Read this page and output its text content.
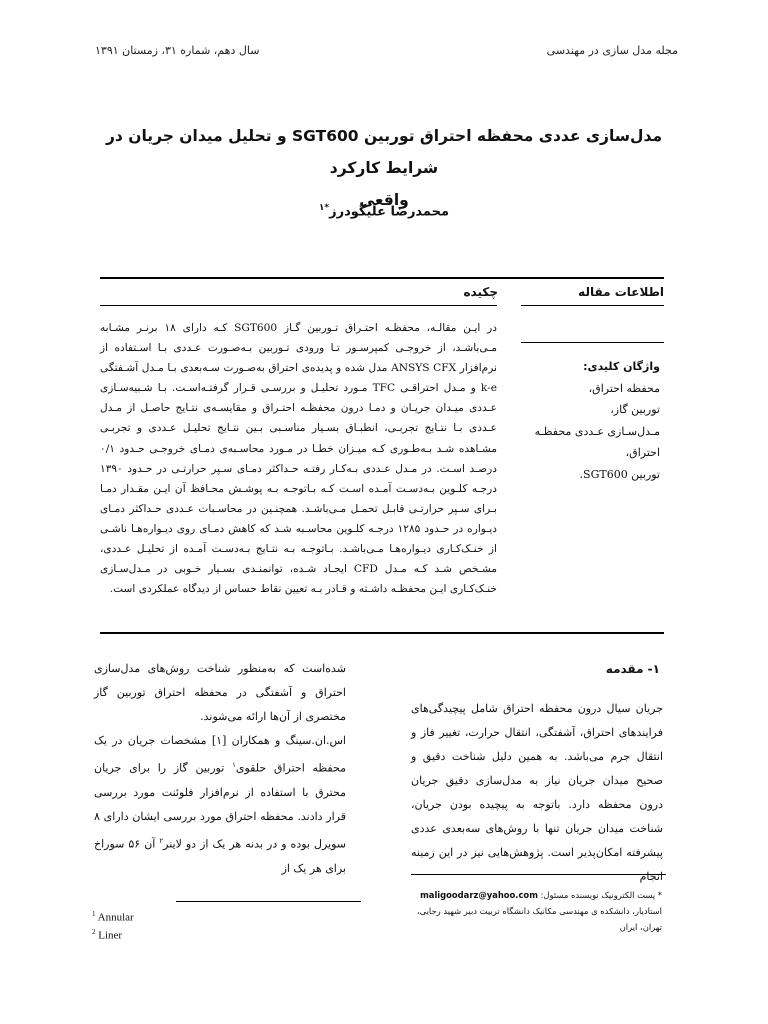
مجله مدل سازی در مهندسی
سال دهم، شماره ۳۱، زمستان ۱۳۹۱
مدل‌سازی عددی محفظه احتراق توربین SGT600 و تحلیل میدان جریان در شرایط کارکرد
واقعی
محمدرضا علیگودرز$^{*۱}$
اطلاعات مقاله
چکیده
در ایـن مقالـه، محفظـه احتـراق تـوربین گـاز SGT600 کـه دارای ۱۸ برنـر مشـابه مـی‌باشـد، از خروجـی کمپرسـور تـا ورودی تـوربین بـه‌صـورت عـددی بـا اسـتفاده از نرم‌افزار ANSYS CFX مدل شده و پدیده‌ی احتراق به‌صـورت سـه‌بعدی بـا مـدل آشـفتگی k-e و مـدل احتراقـی TFC مـورد تحلیـل و بررسـی قـرار گرفتـه‌اسـت. بـا شـبیه‌سـازی عـددی میـدان جریـان و دمـا درون محفظـه احتـراق و مقایسـه‌ی نتـایج حاصـل از مـدل عـددی بـا نتـایج تجربـی، انطبـاق بسـیار مناسـبی بـین نتـایج تحلیـل عـددی و تجربـی مشـاهده شـد بـه‌طـوری کـه میـزان خطـا در مـورد محاسـبه‌ی دمـای خروجـی حـدود ۰/۱ درصـد اسـت. در مـدل عـددی بـه‌کـار رفتـه حـداکثر دمـای سـپر حرارتـی در حـدود ۱۳۹۰ درجـه کلـوین بـه‌دسـت آمـده اسـت کـه بـاتوجـه بـه پوشـش محـافظ آن ایـن مقـدار دمـا بـرای سـپر حرارتـی قابـل تحمـل مـی‌باشـد. همچنـین در محاسـبات عـددی حـداکثر دمـای دیـواره در حـدود ۱۲۸۵ درجـه کلـوین محاسـبه شـد که کاهش دمـای روی دیـواره‌هـا ناشـی از خنـک‌کـاری دیـواره‌هـا مـی‌باشـد. بـاتوجـه بـه نتـایج بـه‌دسـت آمـده از تحلیـل عـددی، مشـخص شـد کـه مـدل CFD ایجـاد شـده، توانمنـدی بسـیار خـوبی در مـدل‌سـازی خنـک‌کـاری ایـن محفظـه داشـته و قـادر بـه تعیین نقاط حساس از دیدگاه عملکردی است.
واژگان کلیدی:
محفظه احتراق،
توربین گاز،
مـدل‌سـازی عـددی محفظـه احتراق،
توربین SGT600.
۱- مقدمه
جریان سیال درون محفظه احتراق شامل پیچیدگی‌های فرایندهای احتراق، آشفتگی، انتقال حرارت، تغییر فاز و انتقال جرم می‌باشد. به همین دلیل شناخت دقیق و صحیح میدان جریان نیاز به مدل‌سازی دقیق جریان درون محفظه دارد. باتوجه به پیچیده بودن جریان، شناخت میدان جریان تنها با روش‌های سه‌بعدی عددی پیشرفته امکان‌پذیر است. پژوهش‌هایی نیز در این زمینه انجام

شده‌است که به‌منظور شناخت روش‌های مدل‌سازی احتراق و آشفتگی در محفظه احتراق توربین گاز مختصری از آن‌ها ارائه می‌شوند.

اس.ان.سینگ و همکاران [۱] مشخصات جریان در یک محفظه احتراق حلقوی$^۱$ توربین گاز را برای جریان محترق با استفاده از نرم‌افزار فلوئنت مورد بررسی قرار دادند. محفظه احتراق مورد بررسی ایشان دارای ۸ سویرل بوده و در بدنه هر یک از دو لاینر$^۲$ آن ۵۶ سوراخ برای هر یک از

* پست الکترونیک نویسنده مسئول: maligoodarz@yahoo.com
استادیار، دانشکده ی مهندسی مکانیک دانشگاه تربیت دبیر شهید رجایی، تهران، ایران
$^1$ Annular
$^2$ Liner
